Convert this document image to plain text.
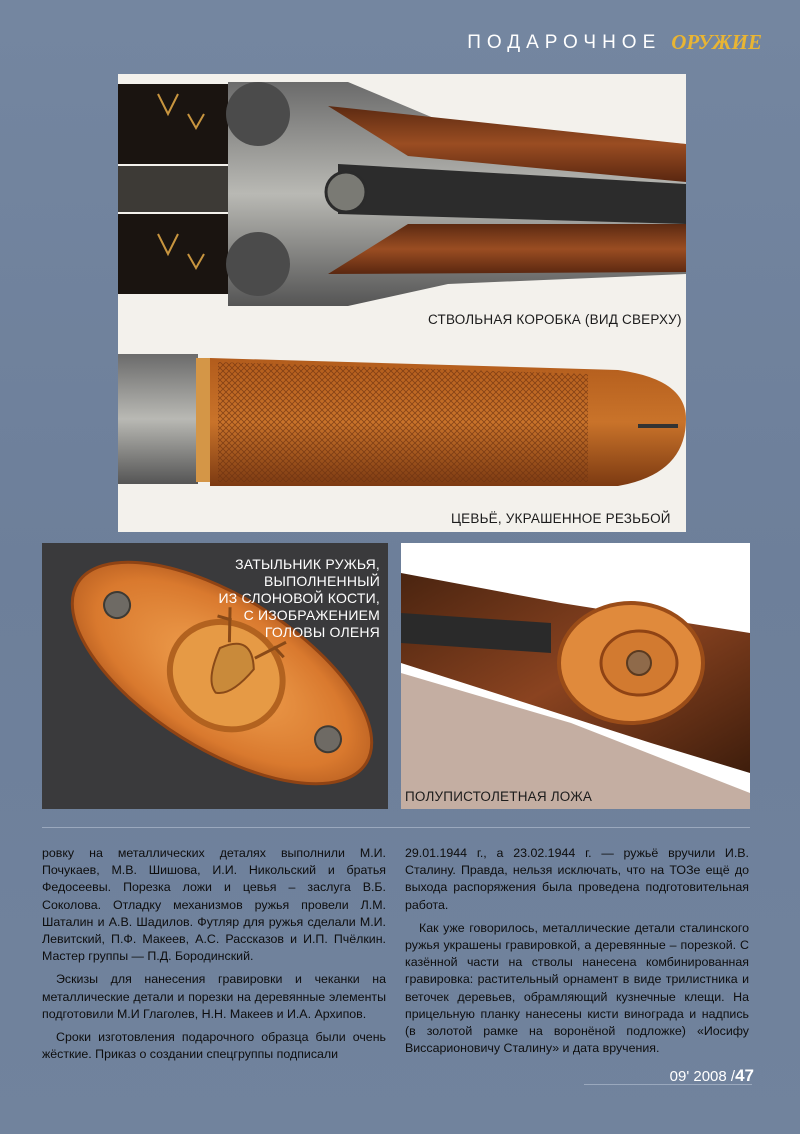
ПОДАРОЧНОЕ ОРУЖИЕ
СТВОЛЬНАЯ КОРОБКА (ВИД СВЕРХУ)
ЦЕВЬЁ, УКРАШЕННОЕ РЕЗЬБОЙ
ЗАТЫЛЬНИК РУЖЬЯ,
ВЫПОЛНЕННЫЙ
ИЗ СЛОНОВОЙ КОСТИ,
С ИЗОБРАЖЕНИЕМ
ГОЛОВЫ ОЛЕНЯ
ПОЛУПИСТОЛЕТНАЯ ЛОЖА

ровку на металлических деталях выполнили М.И. Почукаев, М.В. Шишова, И.И. Никольский и братья Федосеевы. Порезка ложи и цевья – заслуга В.Б. Соколова. Отладку механизмов ружья провели Л.М. Шаталин и А.В. Шадилов. Футляр для ружья сделали М.И. Левитский, П.Ф. Макеев, А.С. Рассказов и И.П. Пчёлкин. Мастер группы — П.Д. Бородинский.

Эскизы для нанесения гравировки и чеканки на металлические детали и порезки на деревянные элементы подготовили М.И Глаголев, Н.Н. Макеев и И.А. Архипов.

Сроки изготовления подарочного образца были очень жёсткие. Приказ о создании спецгруппы подписали

29.01.1944 г., а 23.02.1944 г. — ружьё вручили И.В. Сталину. Правда, нельзя исключать, что на ТОЗе ещё до выхода распоряжения была проведена подготовительная работа.

Как уже говорилось, металлические детали сталинского ружья украшены гравировкой, а деревянные – порезкой. С казённой части на стволы нанесена комбинированная гравировка: растительный орнамент в виде трилистника и веточек деревьев, обрамляющий кузнечные клещи. На прицельную планку нанесены кисти винограда и надпись (в золотой рамке на воронёной подложке) «Иосифу Виссарионовичу Сталину» и дата вручения.

09' 2008 /47
